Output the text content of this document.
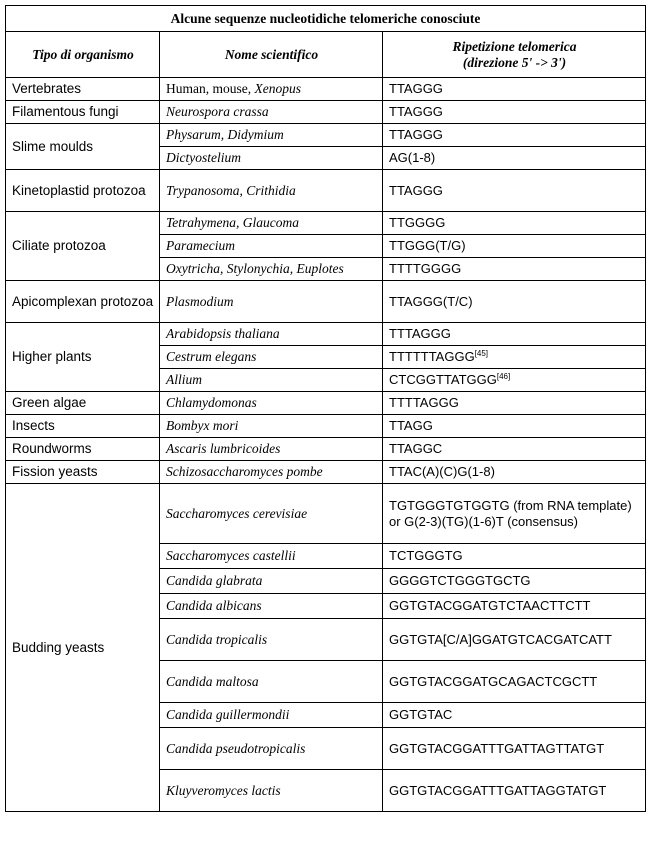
Alcune sequenze nucleotidiche telomeriche conosciute		
Tipo di organismo	Nome scientifico	Ripetizione telomerica
(direzione 5' -> 3')
Vertebrates	Human, mouse, Xenopus	TTAGGG
Filamentous fungi	Neurospora crassa	TTAGGG
Slime moulds	Physarum, Didymium	TTAGGG
	Dictyostelium	AG(1-8)
Kinetoplastid protozoa	Trypanosoma, Crithidia	TTAGGG
Ciliate protozoa	Tetrahymena, Glaucoma	TTGGGG
	Paramecium	TTGGG(T/G)
	Oxytricha, Stylonychia, Euplotes	TTTTGGGG
Apicomplexan protozoa	Plasmodium	TTAGGG(T/C)
Higher plants	Arabidopsis thaliana	TTTAGGG
	Cestrum elegans	TTTTTTAGGG[45]
	Allium	CTCGGTTATGGG[46]
Green algae	Chlamydomonas	TTTTAGGG
Insects	Bombyx mori	TTAGG
Roundworms	Ascaris lumbricoides	TTAGGC
Fission yeasts	Schizosaccharomyces pombe	TTAC(A)(C)G(1-8)
Budding yeasts	Saccharomyces cerevisiae	TGTGGGTGTGGTG (from RNA template)
or G(2-3)(TG)(1-6)T (consensus)
	Saccharomyces castellii	TCTGGGTG
	Candida glabrata	GGGGTCTGGGTGCTG
	Candida albicans	GGTGTACGGATGTCTAACTTCTT
	Candida tropicalis	GGTGTA[C/A]GGATGTCACGATCATT
	Candida maltosa	GGTGTACGGATGCAGACTCGCTT
	Candida guillermondii	GGTGTAC
	Candida pseudotropicalis	GGTGTACGGATTTGATTAGTTATGT
	Kluyveromyces lactis	GGTGTACGGATTTGATTAGGTATGT
